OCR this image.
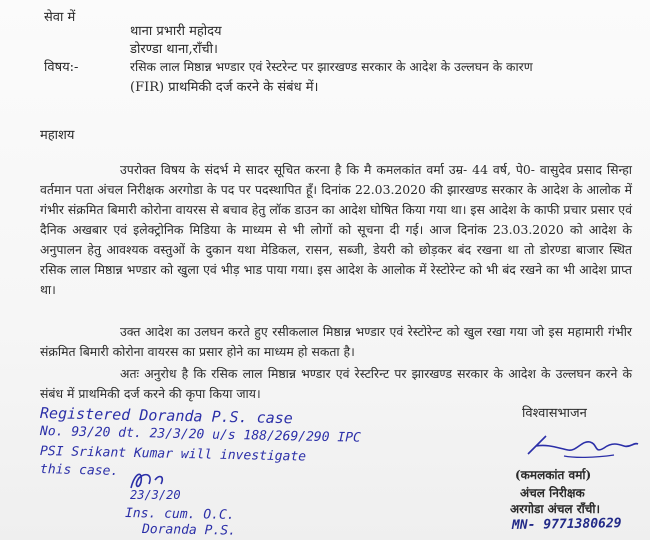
सेवा में
थाना प्रभारी महोदय
डोरण्डा थाना,राँची।
विषय:-	रसिक लाल मिष्ठान्न भण्डार एवं रेस्टरेन्ट पर झारखण्ड सरकार के आदेश के उल्लघन के कारण
(FIR) प्राथमिकी दर्ज करने के संबंध में।
महाशय

उपरोक्त विषय के संदर्भ मे सादर सूचित करना है कि मै कमलकांत वर्मा उम्र- 44 वर्ष, पे0- वासुदेव प्रसाद सिन्हा वर्तमान पता अंचल निरीक्षक अरगोडा के पद पर पदस्थापित हूँ। दिनांक 22.03.2020 की झारखण्ड सरकार के आदेश के आलोक में गंभीर संक्रमित बिमारी कोरोना वायरस से बचाव हेतु लॉक डाउन का आदेश घोषित किया गया था। इस आदेश के काफी प्रचार प्रसार एवं दैनिक अखबार एवं इलेक्ट्रोनिक मिडिया के माध्यम से भी लोगों को सूचना दी गई। आज दिनांक 23.03.2020 को आदेश के अनुपालन हेतु आवश्यक वस्तुओं के दुकान यथा मेडिकल, रासन, सब्जी, डेयरी को छोड़कर बंद रखना था तो डोरण्डा बाजार स्थित रसिक लाल मिष्ठान्न भण्डार को खुला एवं भीड़ भाड पाया गया। इस आदेश के आलोक में रेस्टोरेन्ट को भी बंद रखने का भी आदेश प्राप्त था।

उक्त आदेश का उलघन करते हुए रसीकलाल मिष्ठान्न भण्डार एवं रेस्टोरेन्ट को खुल रखा गया जो इस महामारी गंभीर संक्रमित बिमारी कोरोना वायरस का प्रसार होने का माध्यम हो सकता है।

अतः अनुरोध है कि रसिक लाल मिष्ठान्न भण्डार एवं रेस्टरिन्ट पर झारखण्ड सरकार के आदेश के उल्लघन करने के संबंध में प्राथमिकी दर्ज करने की कृपा किया जाय।

Registered Doranda P.S. case
No. 93/20 dt. 23/3/20 u/s 188/269/290 IPC
PSI Srikant Kumar will investigate
this case.
23/3/20
Ins. cum. O.C.
Doranda P.S.
विश्वासभाजन
(कमलकांत वर्मा)
अंचल निरीक्षक
अरगोडा अंचल राँची।
MN- 9771380629
